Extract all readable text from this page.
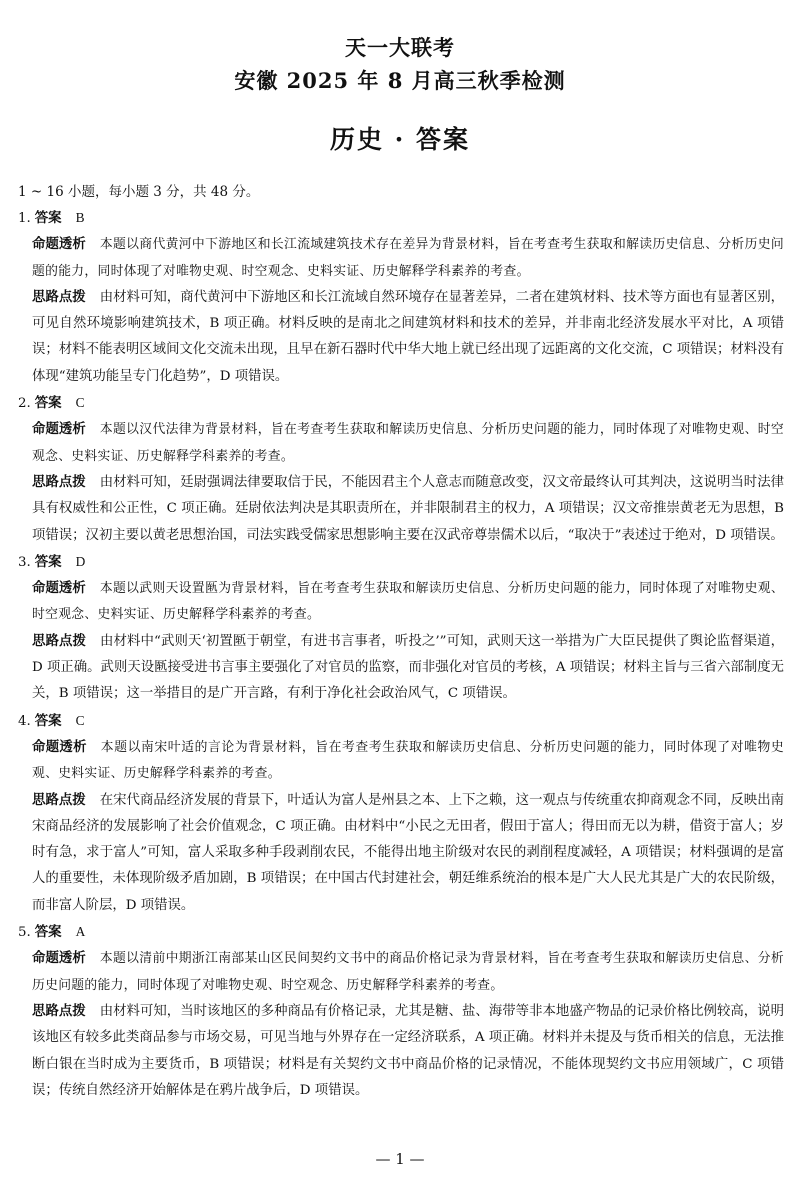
天一大联考
安徽 2025 年 8 月高三秋季检测
历史 · 答案
1 ~ 16 小题，每小题 3 分，共 48 分。
1. 答案 B

命题透析 本题以商代黄河中下游地区和长江流域建筑技术存在差异为背景材料，旨在考查考生获取和解读历史信息、分析历史问题的能力，同时体现了对唯物史观、时空观念、史料实证、历史解释学科素养的考查。

思路点拨 由材料可知，商代黄河中下游地区和长江流域自然环境存在显著差异，二者在建筑材料、技术等方面也有显著区别，可见自然环境影响建筑技术，B 项正确。材料反映的是南北之间建筑材料和技术的差异，并非南北经济发展水平对比，A 项错误；材料不能表明区域间文化交流未出现，且早在新石器时代中华大地上就已经出现了远距离的文化交流，C 项错误；材料没有体现“建筑功能呈专门化趋势”，D 项错误。

2. 答案 C

命题透析 本题以汉代法律为背景材料，旨在考查考生获取和解读历史信息、分析历史问题的能力，同时体现了对唯物史观、时空观念、史料实证、历史解释学科素养的考查。

思路点拨 由材料可知，廷尉强调法律要取信于民，不能因君主个人意志而随意改变，汉文帝最终认可其判决，这说明当时法律具有权威性和公正性，C 项正确。廷尉依法判决是其职责所在，并非限制君主的权力，A 项错误；汉文帝推崇黄老无为思想，B 项错误；汉初主要以黄老思想治国，司法实践受儒家思想影响主要在汉武帝尊崇儒术以后，“取决于”表述过于绝对，D 项错误。

3. 答案 D

命题透析 本题以武则天设置匦为背景材料，旨在考查考生获取和解读历史信息、分析历史问题的能力，同时体现了对唯物史观、时空观念、史料实证、历史解释学科素养的考查。

思路点拨 由材料中“武则天‘初置匦于朝堂，有进书言事者，听投之’”可知，武则天这一举措为广大臣民提供了舆论监督渠道，D 项正确。武则天设匦接受进书言事主要强化了对官员的监察，而非强化对官员的考核，A 项错误；材料主旨与三省六部制度无关，B 项错误；这一举措目的是广开言路，有利于净化社会政治风气，C 项错误。

4. 答案 C

命题透析 本题以南宋叶适的言论为背景材料，旨在考查考生获取和解读历史信息、分析历史问题的能力，同时体现了对唯物史观、史料实证、历史解释学科素养的考查。

思路点拨 在宋代商品经济发展的背景下，叶适认为富人是州县之本、上下之赖，这一观点与传统重农抑商观念不同，反映出南宋商品经济的发展影响了社会价值观念，C 项正确。由材料中“小民之无田者，假田于富人；得田而无以为耕，借资于富人；岁时有急，求于富人”可知，富人采取多种手段剥削农民，不能得出地主阶级对农民的剥削程度减轻，A 项错误；材料强调的是富人的重要性，未体现阶级矛盾加剧，B 项错误；在中国古代封建社会，朝廷维系统治的根本是广大人民尤其是广大的农民阶级，而非富人阶层，D 项错误。

5. 答案 A

命题透析 本题以清前中期浙江南部某山区民间契约文书中的商品价格记录为背景材料，旨在考查考生获取和解读历史信息、分析历史问题的能力，同时体现了对唯物史观、时空观念、历史解释学科素养的考查。

思路点拨 由材料可知，当时该地区的多种商品有价格记录，尤其是糖、盐、海带等非本地盛产物品的记录价格比例较高，说明该地区有较多此类商品参与市场交易，可见当地与外界存在一定经济联系，A 项正确。材料并未提及与货币相关的信息，无法推断白银在当时成为主要货币，B 项错误；材料是有关契约文书中商品价格的记录情况，不能体现契约文书应用领域广，C 项错误；传统自然经济开始解体是在鸦片战争后，D 项错误。

— 1 —
